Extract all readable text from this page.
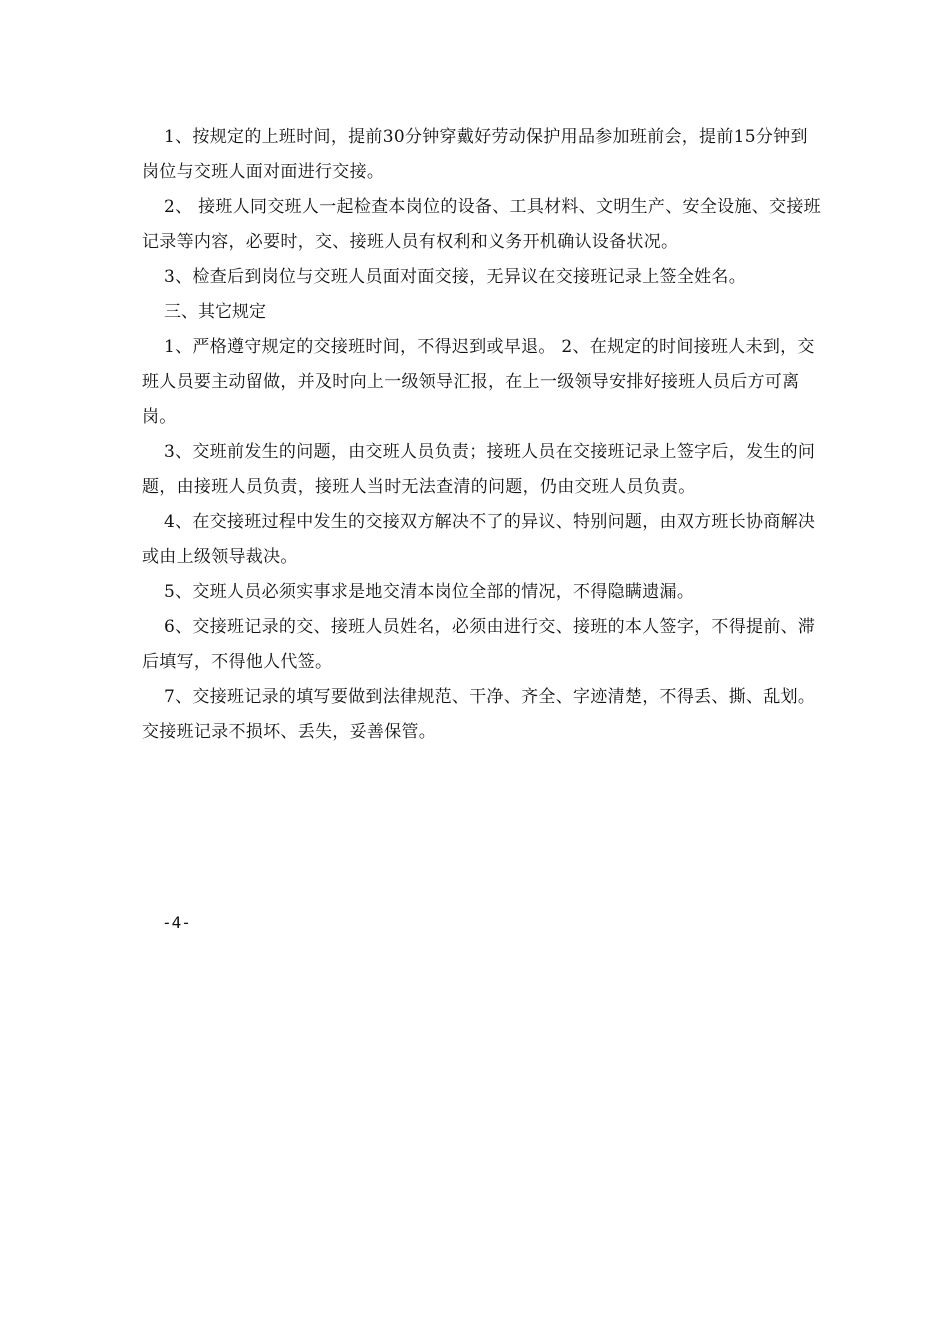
1、按规定的上班时间，提前30分钟穿戴好劳动保护用品参加班前会，提前15分钟到岗位与交班人面对面进行交接。

2、 接班人同交班人一起检查本岗位的设备、工具材料、文明生产、安全设施、交接班记录等内容，必要时，交、接班人员有权利和义务开机确认设备状况。

3、检查后到岗位与交班人员面对面交接，无异议在交接班记录上签全姓名。

三、其它规定

1、严格遵守规定的交接班时间，不得迟到或早退。 2、在规定的时间接班人未到，交班人员要主动留做，并及时向上一级领导汇报，在上一级领导安排好接班人员后方可离岗。

3、交班前发生的问题，由交班人员负责；接班人员在交接班记录上签字后，发生的问题，由接班人员负责，接班人当时无法查清的问题，仍由交班人员负责。

4、在交接班过程中发生的交接双方解决不了的异议、特别问题，由双方班长协商解决或由上级领导裁决。

5、交班人员必须实事求是地交清本岗位全部的情况，不得隐瞒遗漏。

6、交接班记录的交、接班人员姓名，必须由进行交、接班的本人签字，不得提前、滞后填写，不得他人代签。

7、交接班记录的填写要做到法律规范、干净、齐全、字迹清楚，不得丢、撕、乱划。交接班记录不损坏、丢失，妥善保管。

-4-
